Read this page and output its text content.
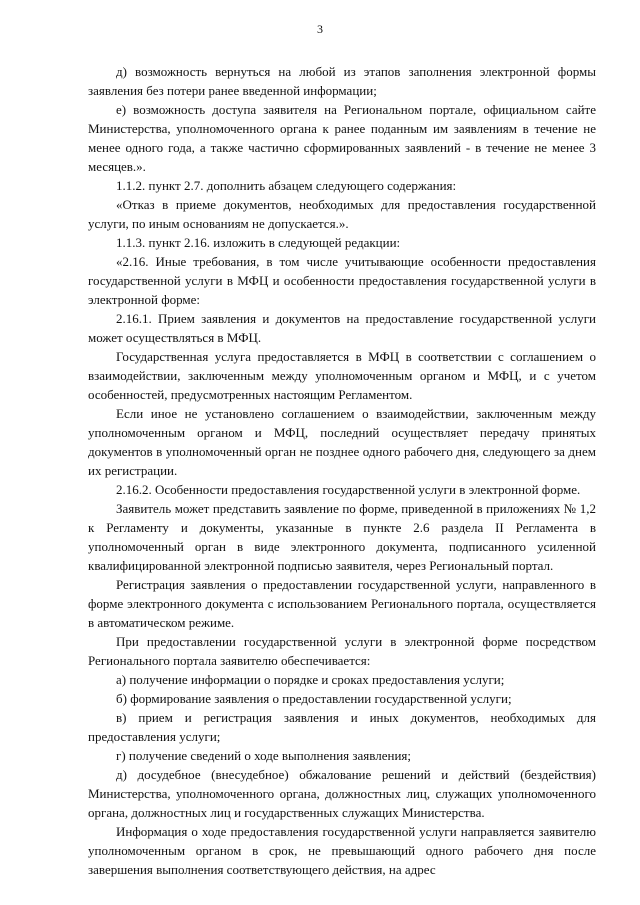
3

д) возможность вернуться на любой из этапов заполнения электронной формы заявления без потери ранее введенной информации;

е) возможность доступа заявителя на Региональном портале, официальном сайте Министерства, уполномоченного органа к ранее поданным им заявлениям в течение не менее одного года, а также частично сформированных заявлений - в течение не менее 3 месяцев.».

1.1.2. пункт 2.7. дополнить абзацем следующего содержания:

«Отказ в приеме документов, необходимых для предоставления государственной услуги, по иным основаниям не допускается.».

1.1.3. пункт 2.16. изложить в следующей редакции:

«2.16. Иные требования, в том числе учитывающие особенности предоставления государственной услуги в МФЦ и особенности предоставления государственной услуги в электронной форме:

2.16.1. Прием заявления и документов на предоставление государственной услуги может осуществляться в МФЦ.

Государственная услуга предоставляется в МФЦ в соответствии с соглашением о взаимодействии, заключенным между уполномоченным органом и МФЦ, и с учетом особенностей, предусмотренных настоящим Регламентом.

Если иное не установлено соглашением о взаимодействии, заключенным между уполномоченным органом и МФЦ, последний осуществляет передачу принятых документов в уполномоченный орган не позднее одного рабочего дня, следующего за днем их регистрации.

2.16.2. Особенности предоставления государственной услуги в электронной форме.

Заявитель может представить заявление по форме, приведенной в приложениях № 1,2 к Регламенту и документы, указанные в пункте 2.6 раздела II Регламента в уполномоченный орган в виде электронного документа, подписанного усиленной квалифицированной электронной подписью заявителя, через Региональный портал.

Регистрация заявления о предоставлении государственной услуги, направленного в форме электронного документа с использованием Регионального портала, осуществляется в автоматическом режиме.

При предоставлении государственной услуги в электронной форме посредством Регионального портала заявителю обеспечивается:

а) получение информации о порядке и сроках предоставления услуги;

б) формирование заявления о предоставлении государственной услуги;

в) прием и регистрация заявления и иных документов, необходимых для предоставления услуги;

г) получение сведений о ходе выполнения заявления;

д) досудебное (внесудебное) обжалование решений и действий (бездействия) Министерства, уполномоченного органа, должностных лиц, служащих уполномоченного органа, должностных лиц и государственных служащих Министерства.

Информация о ходе предоставления государственной услуги направляется заявителю уполномоченным органом в срок, не превышающий одного рабочего дня после завершения выполнения соответствующего действия, на адрес
